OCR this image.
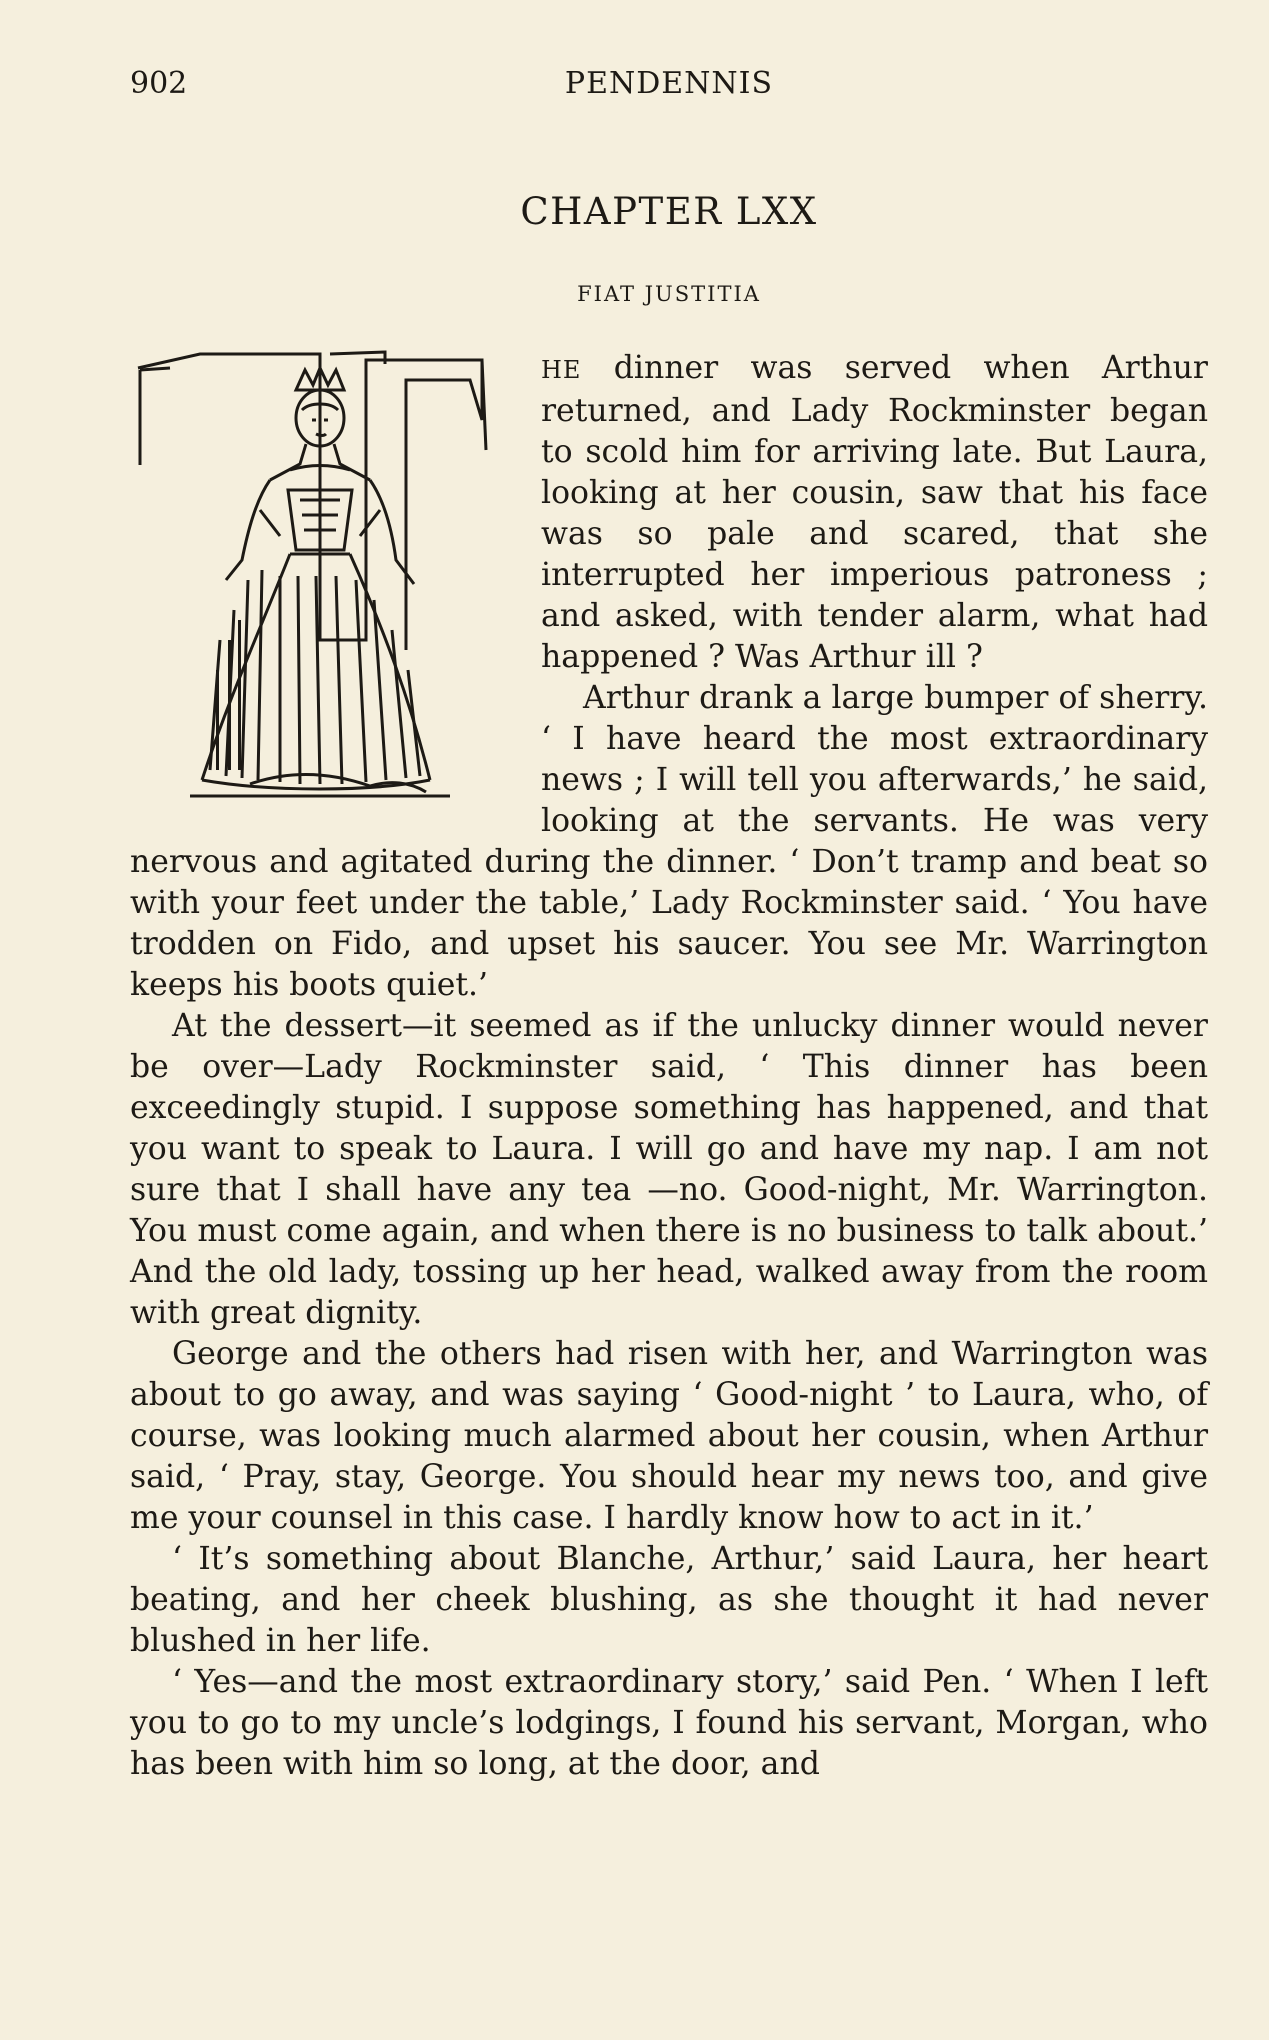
902	PENDENNIS
CHAPTER LXX
FIAT JUSTITIA

HE dinner was served when Arthur returned, and Lady Rockminster began to scold him for arriving late. But Laura, looking at her cousin, saw that his face was so pale and scared, that she interrupted her imperious patroness ; and asked, with tender alarm, what had happened ? Was Arthur ill ?

Arthur drank a large bumper of sherry. ‘ I have heard the most extraordinary news ; I will tell you afterwards,’ he said, looking at the servants. He was very nervous and agitated during the dinner. ‘ Don’t tramp and beat so with your feet under the table,’ Lady Rockminster said. ‘ You have trodden on Fido, and upset his saucer. You see Mr. Warrington keeps his boots quiet.’

At the dessert—it seemed as if the unlucky dinner would never be over—Lady Rockminster said, ‘ This dinner has been exceedingly stupid. I suppose something has happened, and that you want to speak to Laura. I will go and have my nap. I am not sure that I shall have any tea —no. Good-night, Mr. Warrington. You must come again, and when there is no business to talk about.’ And the old lady, tossing up her head, walked away from the room with great dignity.

George and the others had risen with her, and Warrington was about to go away, and was saying ‘ Good-night ’ to Laura, who, of course, was looking much alarmed about her cousin, when Arthur said, ‘ Pray, stay, George. You should hear my news too, and give me your counsel in this case. I hardly know how to act in it.’

‘ It’s something about Blanche, Arthur,’ said Laura, her heart beating, and her cheek blushing, as she thought it had never blushed in her life.

‘ Yes—and the most extraordinary story,’ said Pen. ‘ When I left you to go to my uncle’s lodgings, I found his servant, Morgan, who has been with him so long, at the door, and
